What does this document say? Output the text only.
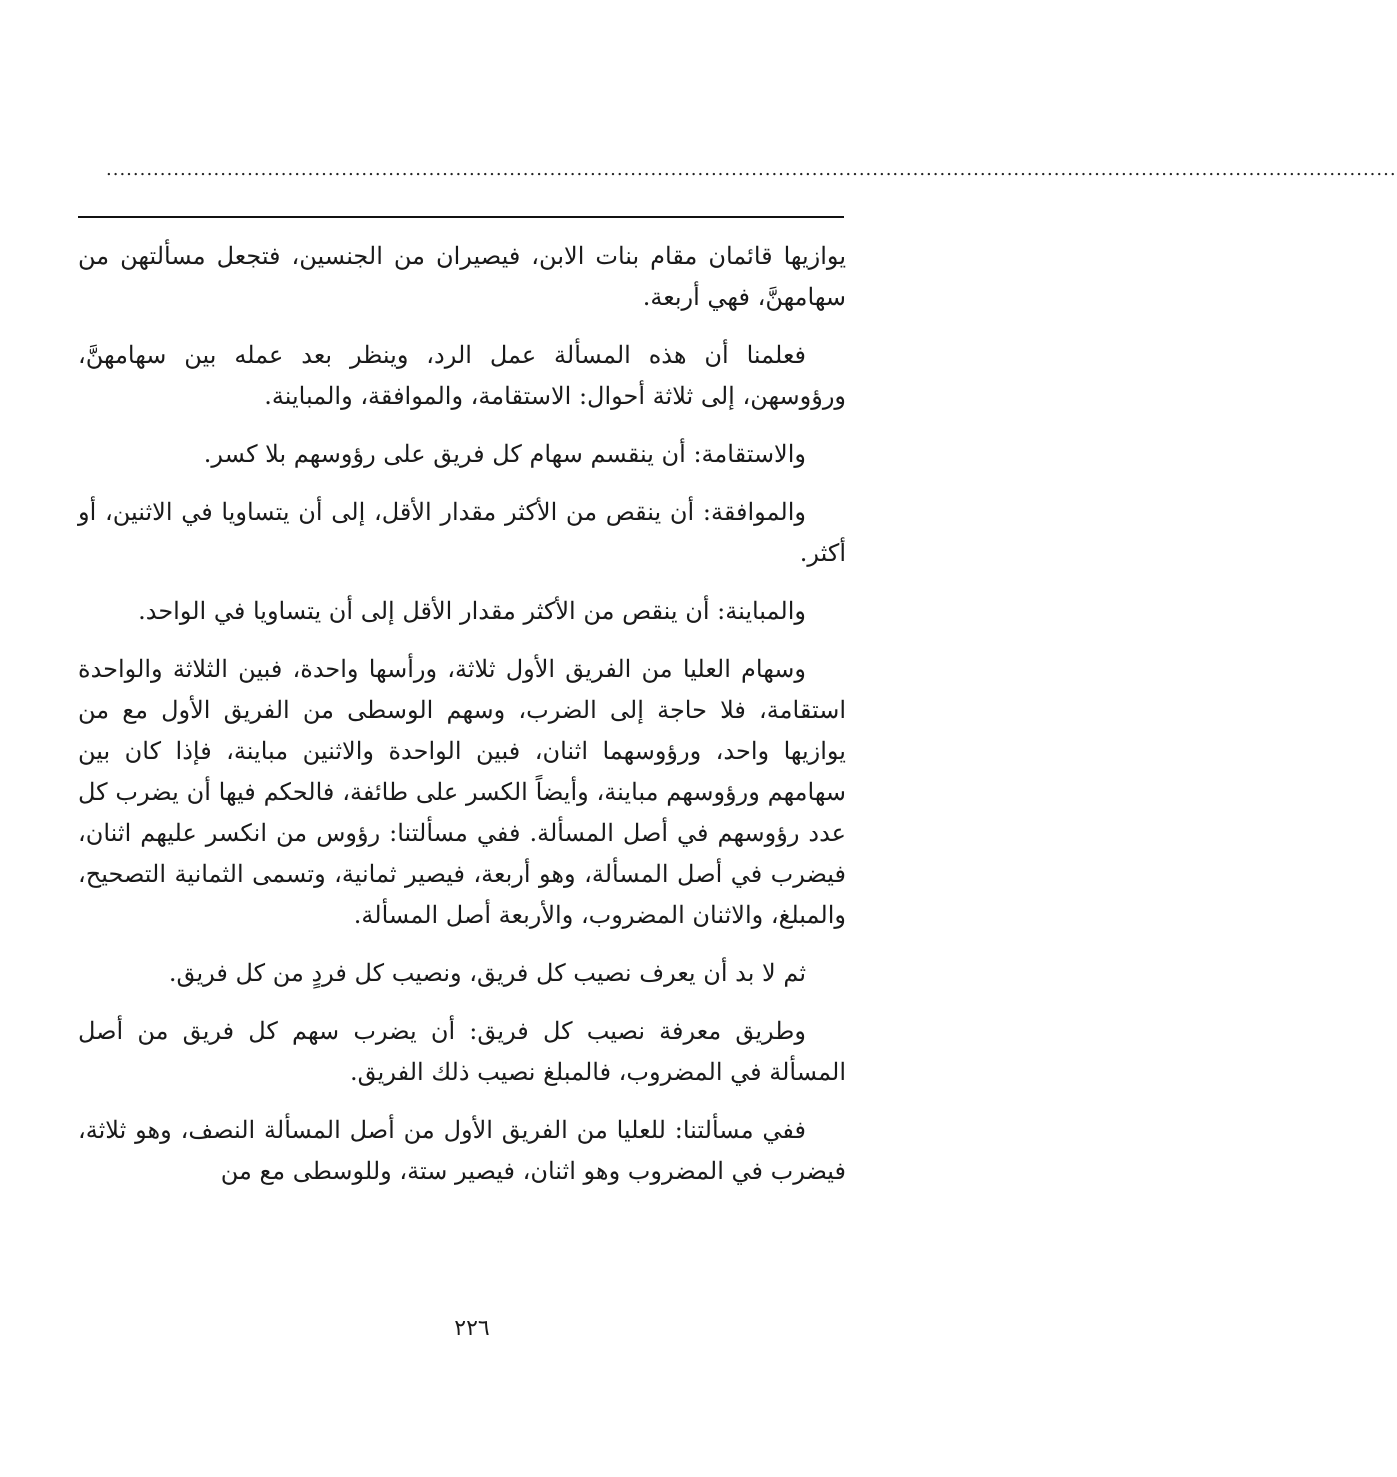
................................................................................................................................................................................................

يوازيها قائمان مقام بنات الابن، فيصيران من الجنسين، فتجعل مسألتهن من سهامهنَّ، فهي أربعة.

فعلمنا أن هذه المسألة عمل الرد، وينظر بعد عمله بين سهامهنَّ، ورؤوسهن، إلى ثلاثة أحوال: الاستقامة، والموافقة، والمباينة.

والاستقامة: أن ينقسم سهام كل فريق على رؤوسهم بلا كسر.

والموافقة: أن ينقص من الأكثر مقدار الأقل، إلى أن يتساويا في الاثنين، أو أكثر.

والمباينة: أن ينقص من الأكثر مقدار الأقل إلى أن يتساويا في الواحد.

وسهام العليا من الفريق الأول ثلاثة، ورأسها واحدة، فبين الثلاثة والواحدة استقامة، فلا حاجة إلى الضرب، وسهم الوسطى من الفريق الأول مع من يوازيها واحد، ورؤوسهما اثنان، فبين الواحدة والاثنين مباينة، فإذا كان بين سهامهم ورؤوسهم مباينة، وأيضاً الكسر على طائفة، فالحكم فيها أن يضرب كل عدد رؤوسهم في أصل المسألة. ففي مسألتنا: رؤوس من انكسر عليهم اثنان، فيضرب في أصل المسألة، وهو أربعة، فيصير ثمانية، وتسمى الثمانية التصحيح، والمبلغ، والاثنان المضروب، والأربعة أصل المسألة.

ثم لا بد أن يعرف نصيب كل فريق، ونصيب كل فردٍ من كل فريق.

وطريق معرفة نصيب كل فريق: أن يضرب سهم كل فريق من أصل المسألة في المضروب، فالمبلغ نصيب ذلك الفريق.

ففي مسألتنا: للعليا من الفريق الأول من أصل المسألة النصف، وهو ثلاثة، فيضرب في المضروب وهو اثنان، فيصير ستة، وللوسطى مع من

٢٢٦
